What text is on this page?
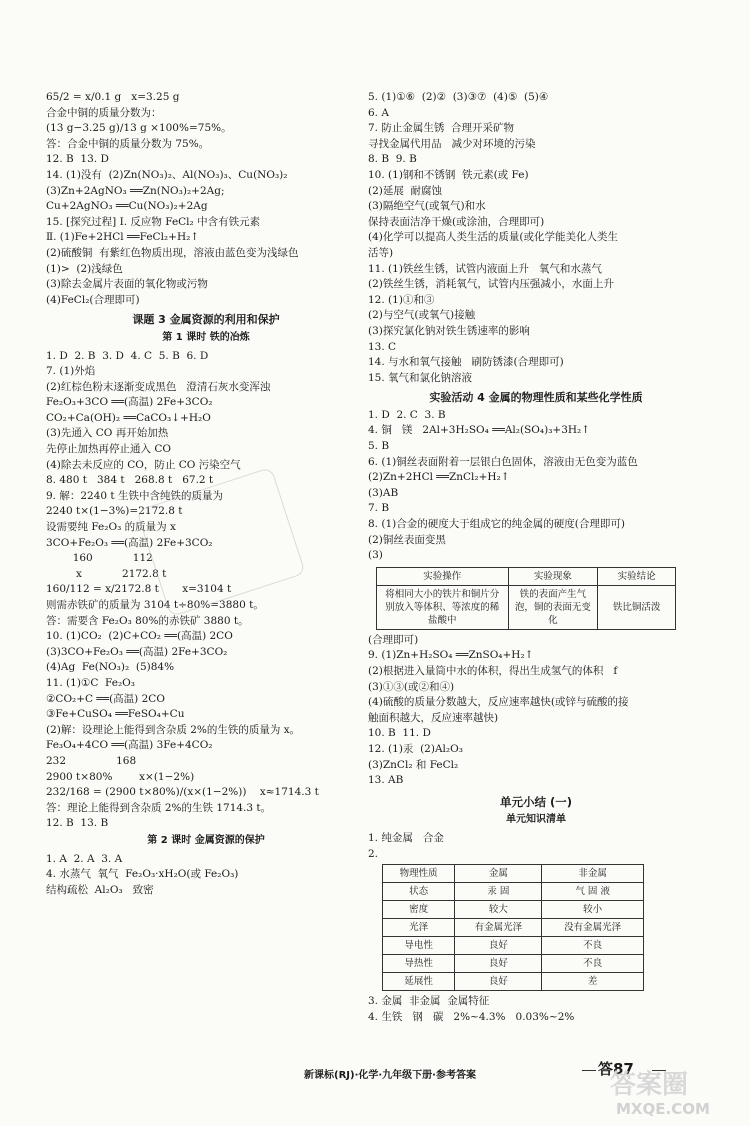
65/2 = x/0.1 g   x=3.25 g
合金中铜的质量分数为：
(13 g−3.25 g)/13 g ×100%=75%。
答：合金中铜的质量分数为 75%。
12. B  13. D
14. (1)没有  (2)Zn(NO₃)₂、Al(NO₃)₃、Cu(NO₃)₂
(3)Zn+2AgNO₃ ══Zn(NO₃)₂+2Ag;
Cu+2AgNO₃ ══Cu(NO₃)₂+2Ag
15. [探究过程] Ⅰ. 反应物 FeCl₂ 中含有铁元素
Ⅱ. (1)Fe+2HCl ══FeCl₂+H₂↑
(2)硫酸铜  有紫红色物质出现，溶液由蓝色变为浅绿色
(1)>  (2)浅绿色
(3)除去金属片表面的氧化物或污物
(4)FeCl₂(合理即可)
课题 3 金属资源的利用和保护
第 1 课时 铁的冶炼
1. D  2. B  3. D  4. C  5. B  6. D
7. (1)外焰
(2)红棕色粉末逐渐变成黑色   澄清石灰水变浑浊
Fe₂O₃+3CO ══(高温) 2Fe+3CO₂
CO₂+Ca(OH)₂ ══CaCO₃↓+H₂O
(3)先通入 CO 再开始加热
先停止加热再停止通入 CO
(4)除去未反应的 CO，防止 CO 污染空气
8. 480 t   384 t   268.8 t   67.2 t
9. 解：2240 t 生铁中含纯铁的质量为
2240 t×(1−3%)=2172.8 t
设需要纯 Fe₂O₃ 的质量为 x
3CO+Fe₂O₃ ══(高温) 2Fe+3CO₂
160            112
x            2172.8 t
160/112 = x/2172.8 t       x=3104 t
则需赤铁矿的质量为 3104 t÷80%=3880 t。
答：需要含 Fe₂O₃ 80%的赤铁矿 3880 t。
10. (1)CO₂  (2)C+CO₂ ══(高温) 2CO
(3)3CO+Fe₂O₃ ══(高温) 2Fe+3CO₂
(4)Ag  Fe(NO₃)₂  (5)84%
11. (1)①C  Fe₂O₃
②CO₂+C ══(高温) 2CO
③Fe+CuSO₄ ══FeSO₄+Cu
(2)解：设理论上能得到含杂质 2%的生铁的质量为 x。
Fe₃O₄+4CO ══(高温) 3Fe+4CO₂
232               168
2900 t×80%        x×(1−2%)
232/168 = (2900 t×80%)/(x×(1−2%))    x≈1714.3 t
答：理论上能得到含杂质 2%的生铁 1714.3 t。
12. B  13. B
第 2 课时 金属资源的保护
1. A  2. A  3. A
4. 水蒸气  氧气  Fe₂O₃·xH₂O(或 Fe₂O₃)
结构疏松  Al₂O₃   致密
5. (1)①⑥  (2)②  (3)③⑦  (4)⑤  (5)④
6. A
7. 防止金属生锈  合理开采矿物
寻找金属代用品   减少对环境的污染
8. B  9. B
10. (1)钢和不锈钢  铁元素(或 Fe)
(2)延展  耐腐蚀
(3)隔绝空气(或氧气)和水
保持表面洁净干燥(或涂油，合理即可)
(4)化学可以提高人类生活的质量(或化学能美化人类生
活等)
11. (1)铁丝生锈，试管内液面上升   氧气和水蒸气
(2)铁丝生锈，消耗氧气，试管内压强减小，水面上升
12. (1)①和③
(2)与空气(或氧气)接触
(3)探究氯化钠对铁生锈速率的影响
13. C
14. 与水和氧气接触   刷防锈漆(合理即可)
15. 氧气和氯化钠溶液
实验活动 4 金属的物理性质和某些化学性质
1. D  2. C  3. B
4. 铜   镁   2Al+3H₂SO₄ ══Al₂(SO₄)₃+3H₂↑
5. B
6. (1)铜丝表面附着一层银白色固体，溶液由无色变为蓝色
(2)Zn+2HCl ══ZnCl₂+H₂↑
(3)AB
7. B
8. (1)合金的硬度大于组成它的纯金属的硬度(合理即可)
(2)铜丝表面变黑
(3)
实验操作	实验现象	实验结论
将相同大小的铁片和铜片分别放入等体积、等浓度的稀盐酸中	铁的表面产生气泡，铜的表面无变化	铁比铜活泼
(合理即可)
9. (1)Zn+H₂SO₄ ══ZnSO₄+H₂↑
(2)根据进入量筒中水的体积，得出生成氢气的体积   f
(3)①③(或②和④)
(4)硫酸的质量分数越大，反应速率越快(或锌与硫酸的接
触面积越大，反应速率越快)
10. B  11. D
12. (1)汞  (2)Al₂O₃
(3)ZnCl₂ 和 FeCl₂
13. AB
单元小结 (一)
单元知识清单
1. 纯金属   合金
2.
物理性质	金属	非金属
状态	汞 固	气 固 液
密度	较大	较小
光泽	有金属光泽	没有金属光泽
导电性	良好	不良
导热性	良好	不良
延展性	良好	差
3. 金属  非金属  金属特征
4. 生铁   钢   碳   2%~4.3%   0.03%~2%
新课标(RJ)·化学·九年级下册·参考答案	答87
答案圈
MXQE.COM
